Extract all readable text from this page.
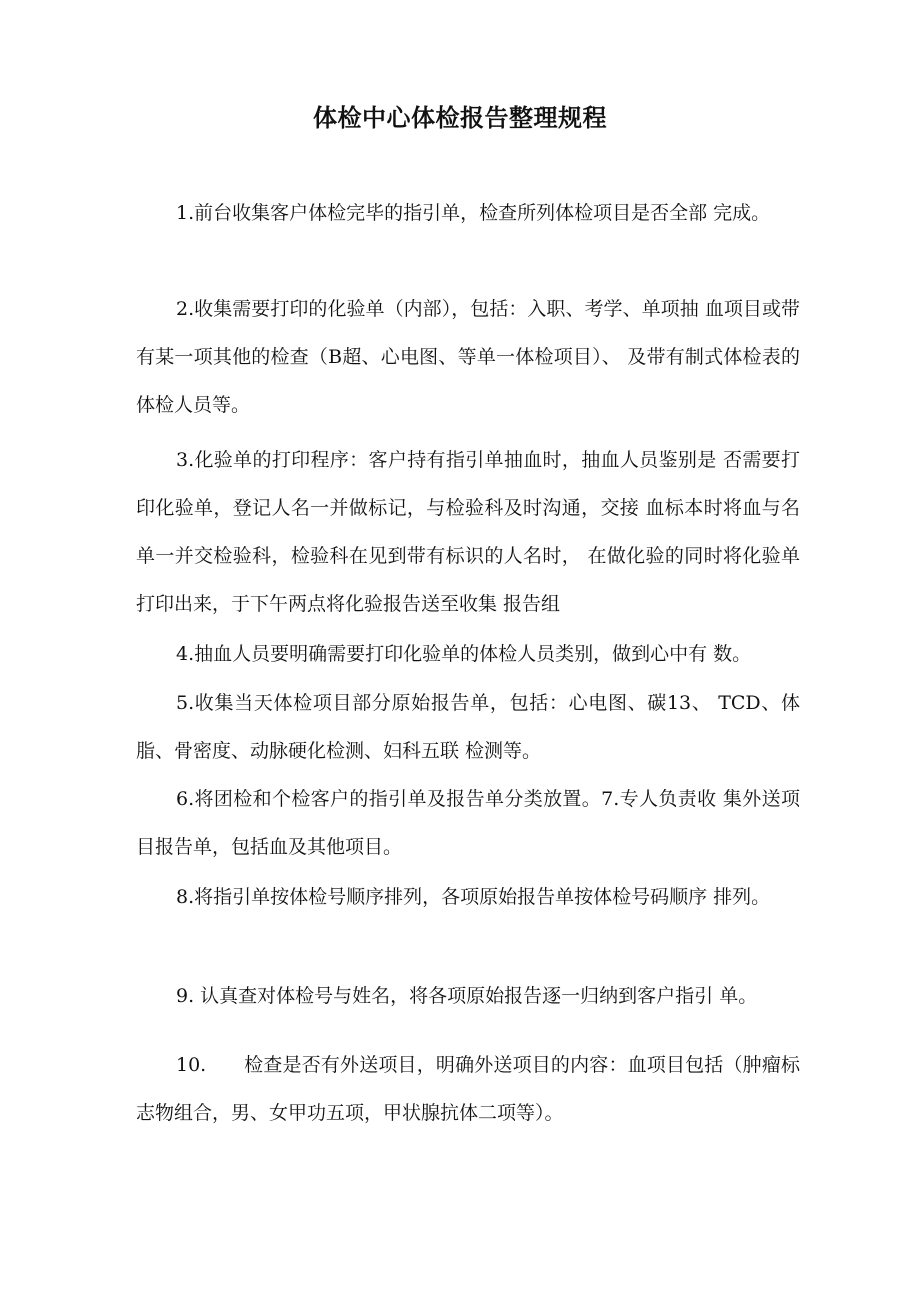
体检中心体检报告整理规程
1.前台收集客户体检完毕的指引单，检查所列体检项目是否全部 完成。
2.收集需要打印的化验单（内部），包括：入职、考学、单项抽 血项目或带有某一项其他的检查（B超、心电图、等单一体检项目）、 及带有制式体检表的体检人员等。
3.化验单的打印程序：客户持有指引单抽血时，抽血人员鉴别是 否需要打印化验单，登记人名一并做标记，与检验科及时沟通，交接 血标本时将血与名单一并交检验科，检验科在见到带有标识的人名时， 在做化验的同时将化验单打印出来，于下午两点将化验报告送至收集 报告组
4.抽血人员要明确需要打印化验单的体检人员类别，做到心中有 数。
5.收集当天体检项目部分原始报告单，包括：心电图、碳13、 TCD、体脂、骨密度、动脉硬化检测、妇科五联 检测等。
6.将团检和个检客户的指引单及报告单分类放置。7.专人负责收 集外送项目报告单，包括血及其他项目。
8.将指引单按体检号顺序排列，各项原始报告单按体检号码顺序 排列。
9. 认真查对体检号与姓名，将各项原始报告逐一归纳到客户指引 单。
10. 检查是否有外送项目，明确外送项目的内容：血项目包括（肿瘤标志物组合，男、女甲功五项，甲状腺抗体二项等）。
